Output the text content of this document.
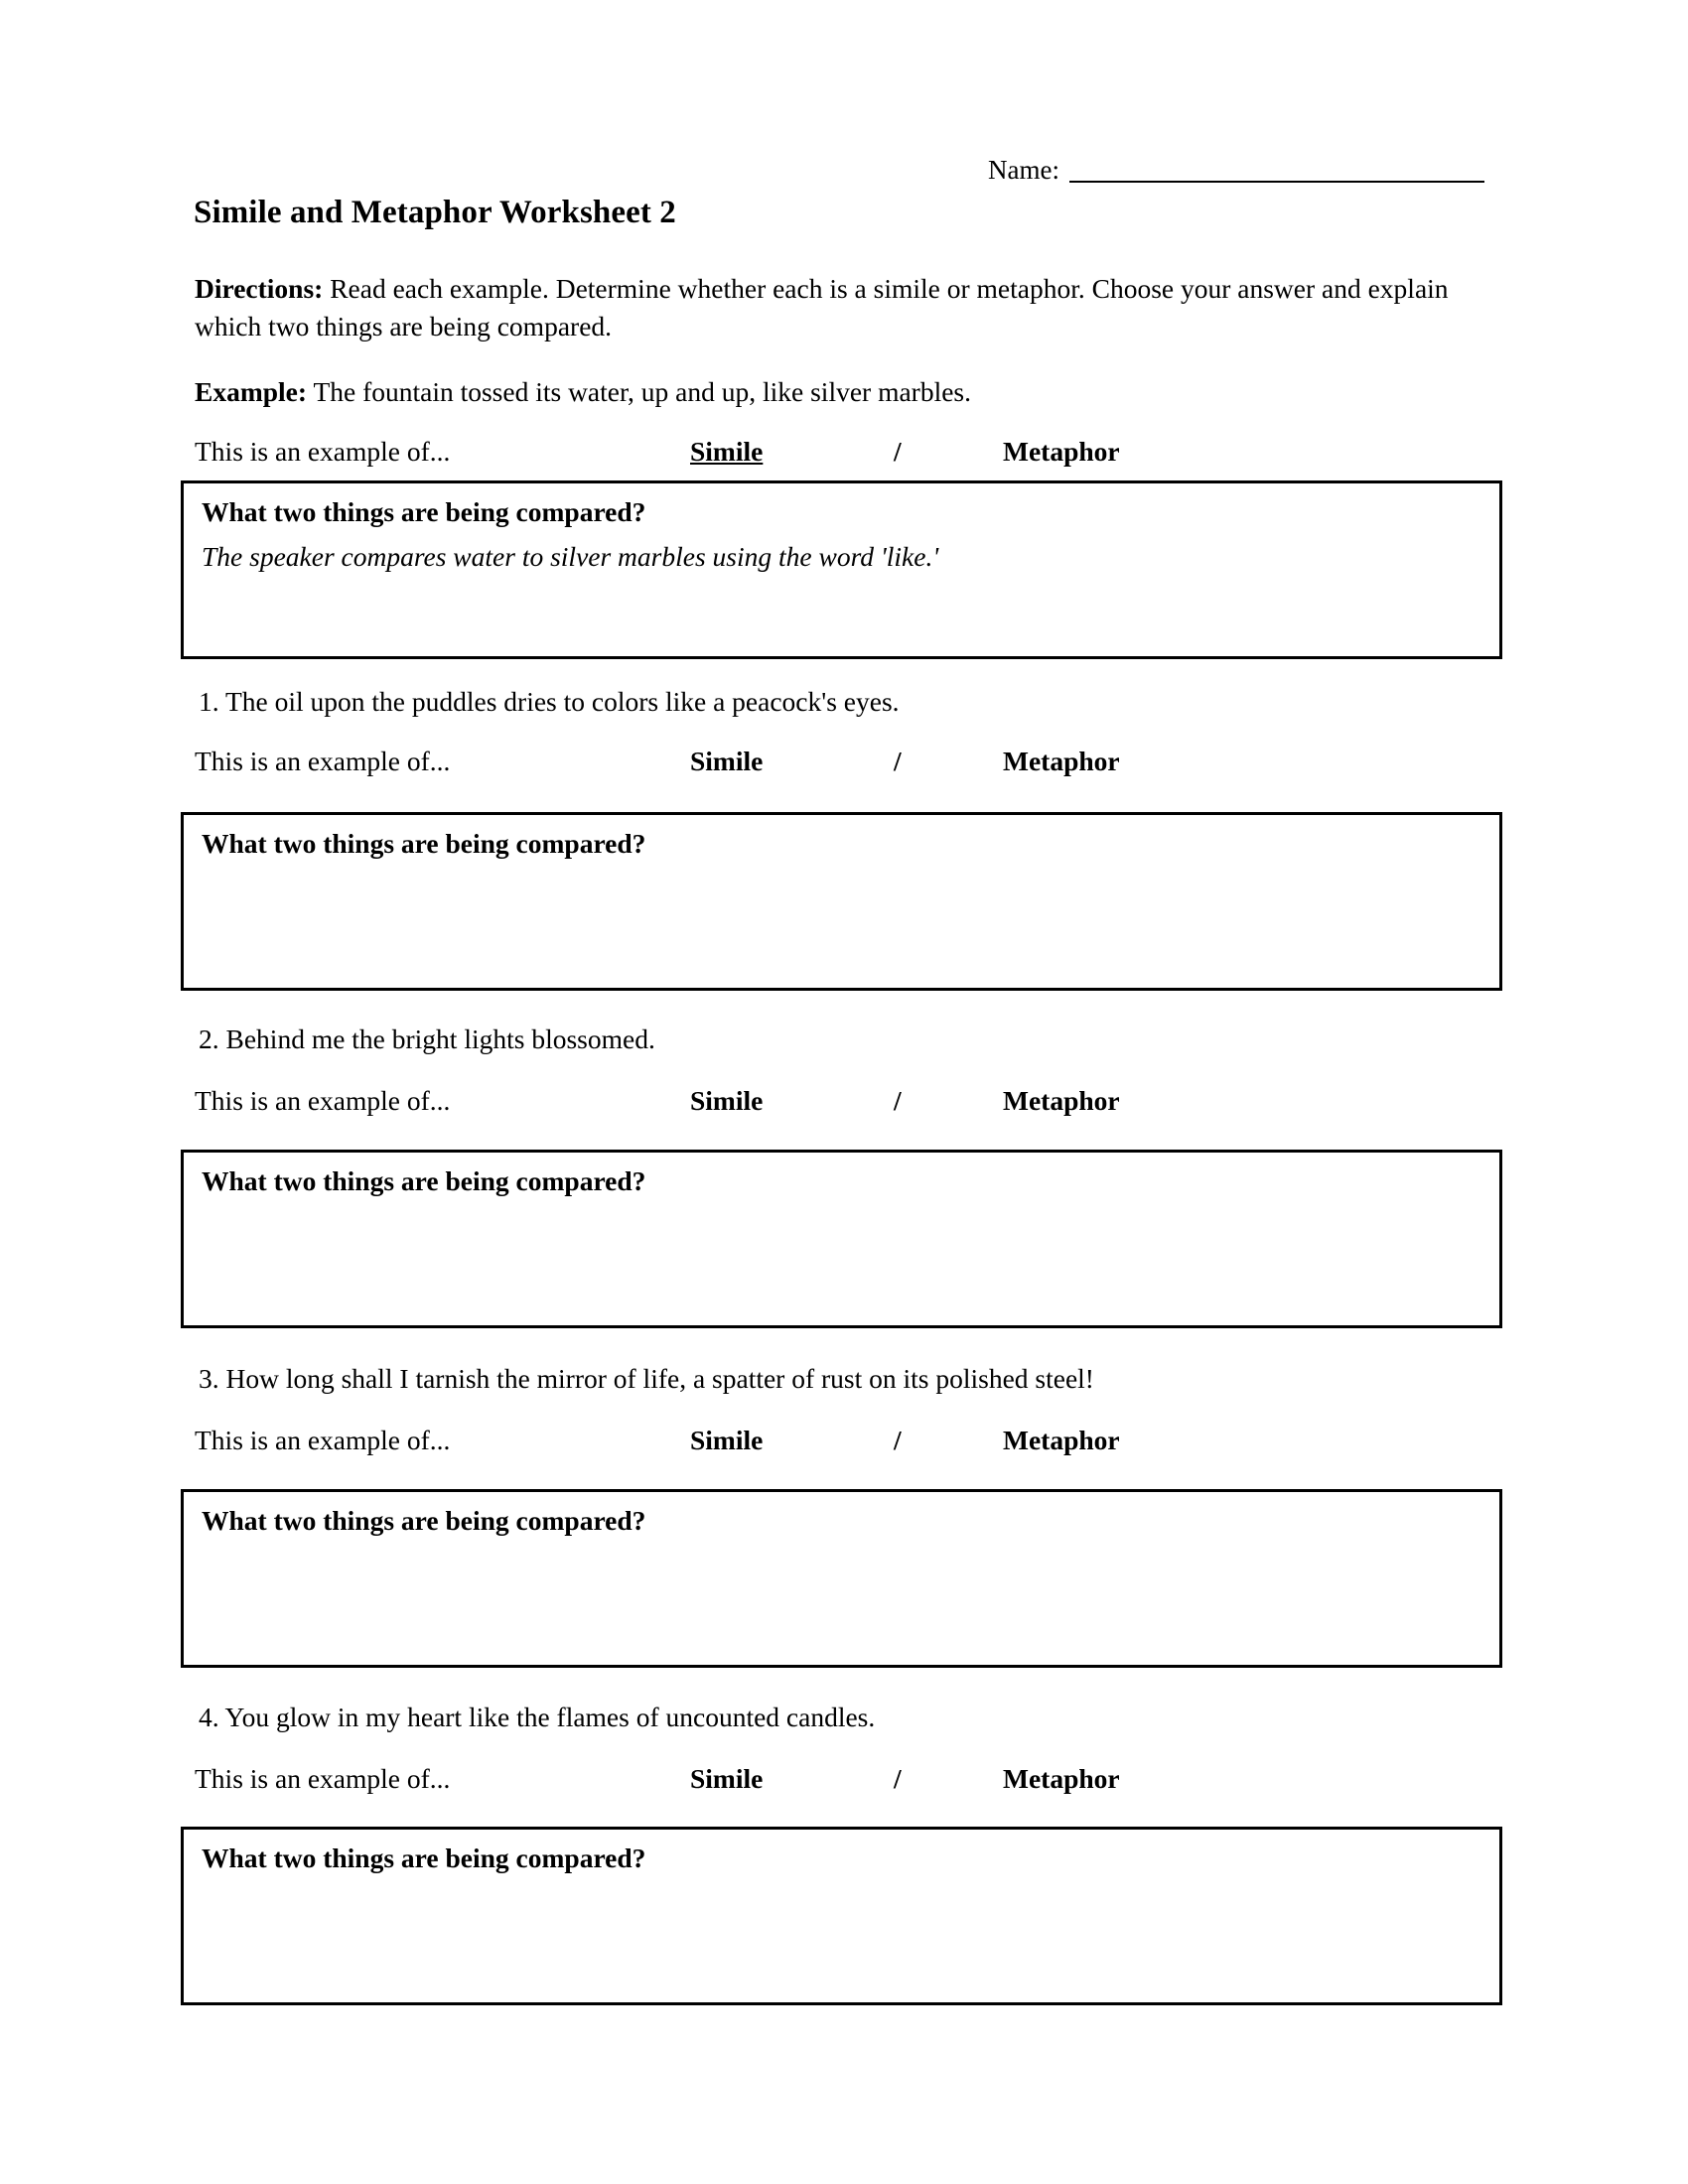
Name:
Simile and Metaphor Worksheet 2
Directions: Read each example. Determine whether each is a simile or metaphor. Choose your answer and explain which two things are being compared.
Example: The fountain tossed its water, up and up, like silver marbles.
This is an example of...	Simile	/	Metaphor
What two things are being compared?
The speaker compares water to silver marbles using the word 'like.'
1. The oil upon the puddles dries to colors like a peacock's eyes.
This is an example of...	Simile	/	Metaphor
What two things are being compared?
2. Behind me the bright lights blossomed.
This is an example of...	Simile	/	Metaphor
What two things are being compared?
3. How long shall I tarnish the mirror of life, a spatter of rust on its polished steel!
This is an example of...	Simile	/	Metaphor
What two things are being compared?
4. You glow in my heart like the flames of uncounted candles.
This is an example of...	Simile	/	Metaphor
What two things are being compared?
